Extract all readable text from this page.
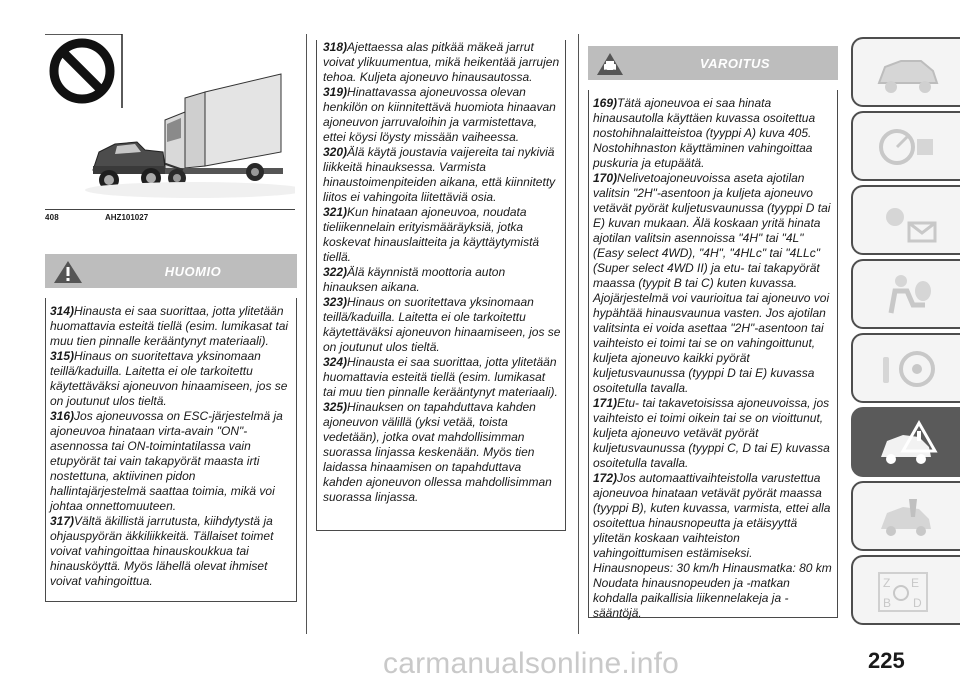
408	AHZ101027
HUOMIO

314)Hinausta ei saa suorittaa, jotta ylitetään huomattavia esteitä tiellä (esim. lumikasat tai muu tien pinnalle kerääntynyt materiaali).

315)Hinaus on suoritettava yksinomaan teillä/kaduilla. Laitetta ei ole tarkoitettu käytettäväksi ajoneuvon hinaamiseen, jos se on joutunut ulos tieltä.

316)Jos ajoneuvossa on ESC-järjestelmä ja ajoneuvoa hinataan virta-avain "ON"-asennossa tai ON-toimintatilassa vain etupyörät tai vain takapyörät maasta irti nostettuna, aktiivinen pidon hallintajärjestelmä saattaa toimia, mikä voi johtaa onnettomuuteen.

317)Vältä äkillistä jarrutusta, kiihdytystä ja ohjauspyörän äkkiliikkeitä. Tällaiset toimet voivat vahingoittaa hinauskoukkua tai hinausköyttä. Myös lähellä olevat ihmiset voivat vahingoittua.

318)Ajettaessa alas pitkää mäkeä jarrut voivat ylikuumentua, mikä heikentää jarrujen tehoa. Kuljeta ajoneuvo hinausautossa.

319)Hinattavassa ajoneuvossa olevan henkilön on kiinnitettävä huomiota hinaavan ajoneuvon jarruvaloihin ja varmistettava, ettei köysi löysty missään vaiheessa.

320)Älä käytä joustavia vaijereita tai nykiviä liikkeitä hinauksessa. Varmista hinaustoimenpiteiden aikana, että kiinnitetty liitos ei vahingoita liitettäviä osia.

321)Kun hinataan ajoneuvoa, noudata tieliikennelain erityismääräyksiä, jotka koskevat hinauslaitteita ja käyttäytymistä tiellä.

322)Älä käynnistä moottoria auton hinauksen aikana.

323)Hinaus on suoritettava yksinomaan teillä/kaduilla. Laitetta ei ole tarkoitettu käytettäväksi ajoneuvon hinaamiseen, jos se on joutunut ulos tieltä.

324)Hinausta ei saa suorittaa, jotta ylitetään huomattavia esteitä tiellä (esim. lumikasat tai muu tien pinnalle kerääntynyt materiaali).

325)Hinauksen on tapahduttava kahden ajoneuvon välillä (yksi vetää, toista vedetään), jotka ovat mahdollisimman suorassa linjassa keskenään. Myös tien laidassa hinaamisen on tapahduttava kahden ajoneuvon ollessa mahdollisimman suorassa linjassa.

VAROITUS

169)Tätä ajoneuvoa ei saa hinata hinausautolla käyttäen kuvassa osoitettua nostohihnalaitteistoa (tyyppi A) kuva 405. Nostohihnaston käyttäminen vahingoittaa puskuria ja etupäätä.

170)Nelivetoajoneuvoissa aseta ajotilan valitsin "2H"-asentoon ja kuljeta ajoneuvo vetävät pyörät kuljetusvaunussa (tyyppi D tai E) kuvan mukaan. Älä koskaan yritä hinata ajotilan valitsin asennoissa "4H" tai "4L" (Easy select 4WD), "4H", "4HLc" tai "4LLc" (Super select 4WD II) ja etu- tai takapyörät maassa (tyypit B tai C) kuten kuvassa. Ajojärjestelmä voi vaurioitua tai ajoneuvo voi hypähtää hinausvaunua vasten. Jos ajotilan valitsinta ei voida asettaa "2H"-asentoon tai vaihteisto ei toimi tai se on vahingoittunut, kuljeta ajoneuvo kaikki pyörät kuljetusvaunussa (tyyppi D tai E) kuvassa osoitetulla tavalla.

171)Etu- tai takavetoisissa ajoneuvoissa, jos vaihteisto ei toimi oikein tai se on vioittunut, kuljeta ajoneuvo vetävät pyörät kuljetusvaunussa (tyyppi C, D tai E) kuvassa osoitetulla tavalla.

172)Jos automaattivaihteistolla varustettua ajoneuvoa hinataan vetävät pyörät maassa (tyyppi B), kuten kuvassa, varmista, ettei alla osoitettua hinausnopeutta ja etäisyyttä ylitetän koskaan vaihteiston vahingoittumisen estämiseksi.

Hinausnopeus: 30 km/h Hinausmatka: 80 km Noudata hinausnopeuden ja -matkan kohdalla paikallisia liikennelakeja ja -sääntöjä.

Z E
B D
225
carmanualsonline.info
